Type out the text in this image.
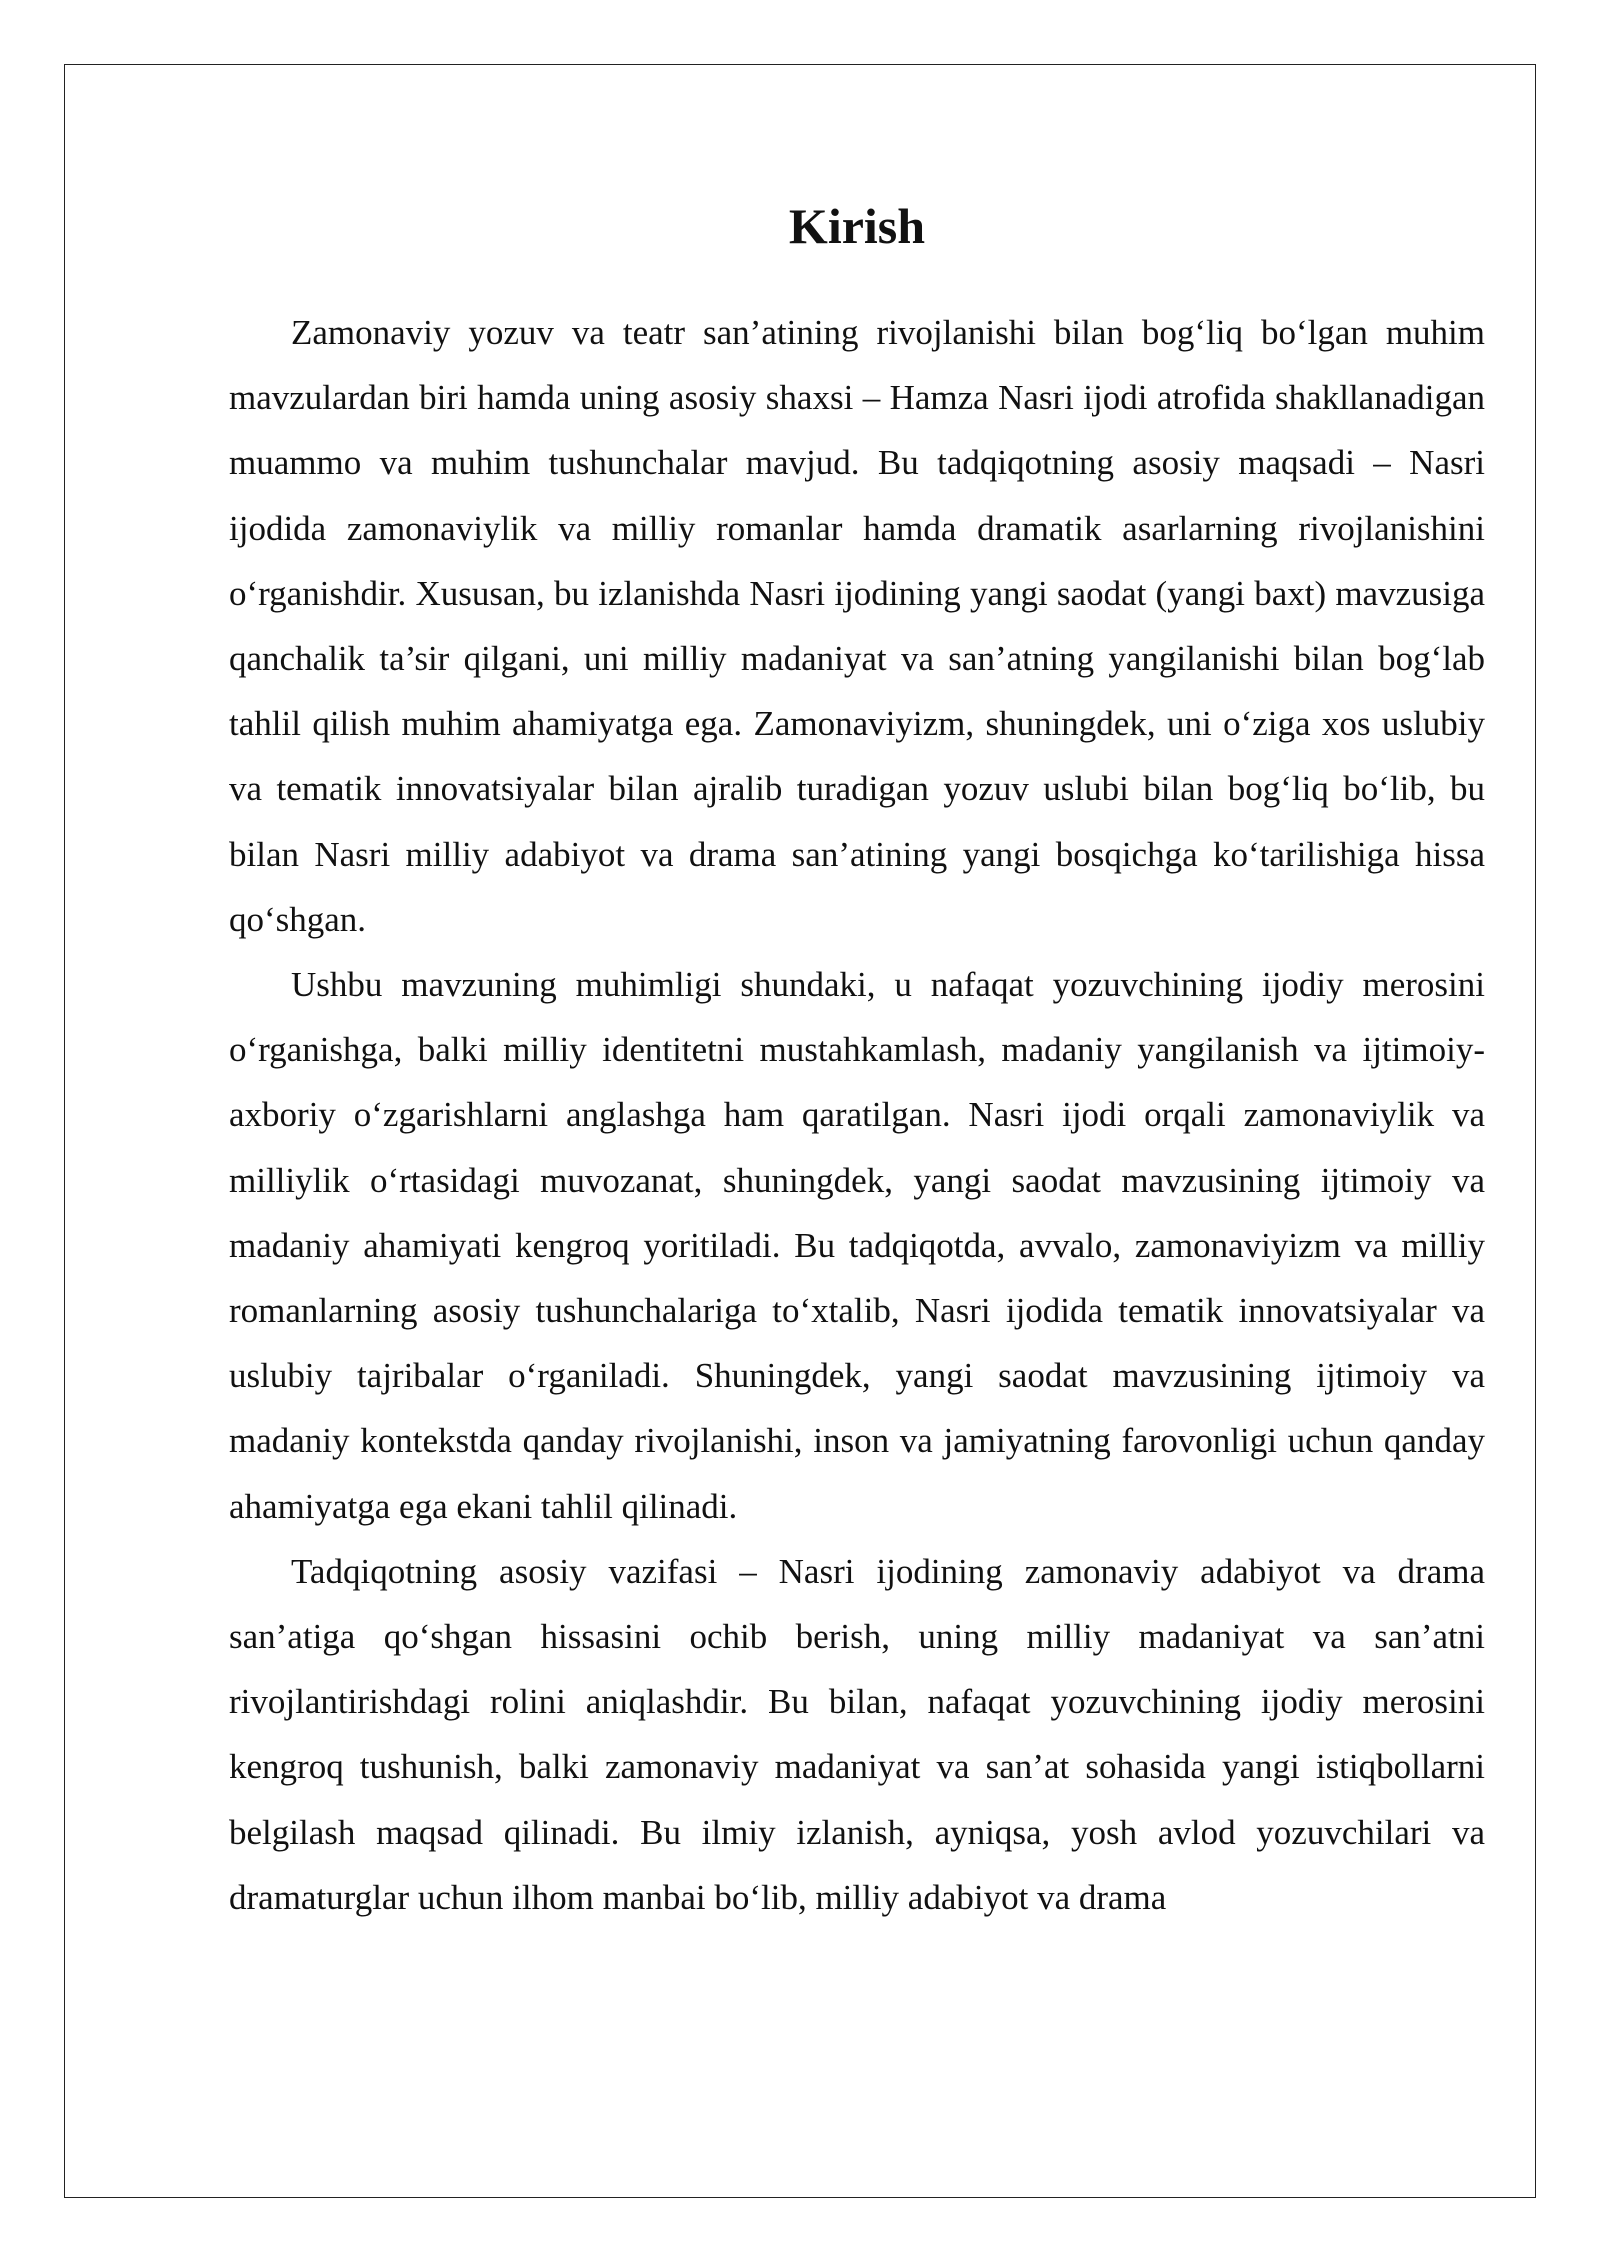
Kirish

Zamonaviy yozuv va teatr san’atining rivojlanishi bilan bog‘liq bo‘lgan muhim mavzulardan biri hamda uning asosiy shaxsi – Hamza Nasri ijodi atrofida shakllanadigan muammo va muhim tushunchalar mavjud. Bu tadqiqotning asosiy maqsadi – Nasri ijodida zamonaviylik va milliy romanlar hamda dramatik asarlarning rivojlanishini o‘rganishdir. Xususan, bu izlanishda Nasri ijodining yangi saodat (yangi baxt) mavzusiga qanchalik ta’sir qilgani, uni milliy madaniyat va san’atning yangilanishi bilan bog‘lab tahlil qilish muhim ahamiyatga ega. Zamonaviyizm, shuningdek, uni o‘ziga xos uslubiy va tematik innovatsiyalar bilan ajralib turadigan yozuv uslubi bilan bog‘liq bo‘lib, bu bilan Nasri milliy adabiyot va drama san’atining yangi bosqichga ko‘tarilishiga hissa qo‘shgan.

Ushbu mavzuning muhimligi shundaki, u nafaqat yozuvchining ijodiy merosini o‘rganishga, balki milliy identitetni mustahkamlash, madaniy yangilanish va ijtimoiy-axboriy o‘zgarishlarni anglashga ham qaratilgan. Nasri ijodi orqali zamonaviylik va milliylik o‘rtasidagi muvozanat, shuningdek, yangi saodat mavzusining ijtimoiy va madaniy ahamiyati kengroq yoritiladi. Bu tadqiqotda, avvalo, zamonaviyizm va milliy romanlarning asosiy tushunchalariga to‘xtalib, Nasri ijodida tematik innovatsiyalar va uslubiy tajribalar o‘rganiladi. Shuningdek, yangi saodat mavzusining ijtimoiy va madaniy kontekstda qanday rivojlanishi, inson va jamiyatning farovonligi uchun qanday ahamiyatga ega ekani tahlil qilinadi.

Tadqiqotning asosiy vazifasi – Nasri ijodining zamonaviy adabiyot va drama san’atiga qo‘shgan hissasini ochib berish, uning milliy madaniyat va san’atni rivojlantirishdagi rolini aniqlashdir. Bu bilan, nafaqat yozuvchining ijodiy merosini kengroq tushunish, balki zamonaviy madaniyat va san’at sohasida yangi istiqbollarni belgilash maqsad qilinadi. Bu ilmiy izlanish, ayniqsa, yosh avlod yozuvchilari va dramaturglar uchun ilhom manbai bo‘lib, milliy adabiyot va drama
